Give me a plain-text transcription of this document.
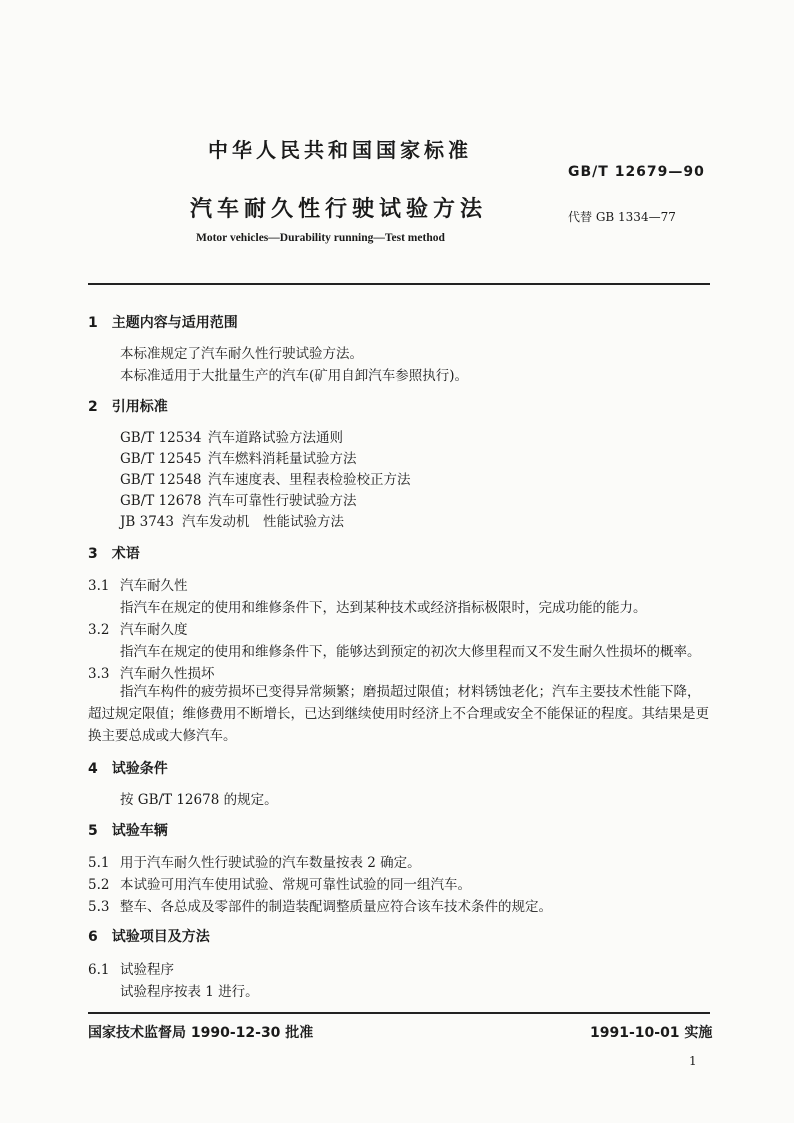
中华人民共和国国家标准
GB/T 12679—90
汽车耐久性行驶试验方法	代替 GB 1334—77
Motor vehicles—Durability running—Test method
1　主题内容与适用范围
本标准规定了汽车耐久性行驶试验方法。
本标准适用于大批量生产的汽车(矿用自卸汽车参照执行)。
2　引用标准
GB/T 12534 汽车道路试验方法通则
GB/T 12545 汽车燃料消耗量试验方法
GB/T 12548 汽车速度表、里程表检验校正方法
GB/T 12678 汽车可靠性行驶试验方法
JB 3743 汽车发动机　性能试验方法
3　术语
3.1 汽车耐久性
指汽车在规定的使用和维修条件下，达到某种技术或经济指标极限时，完成功能的能力。
3.2 汽车耐久度
指汽车在规定的使用和维修条件下，能够达到预定的初次大修里程而又不发生耐久性损坏的概率。
3.3 汽车耐久性损坏
指汽车构件的疲劳损坏已变得异常频繁；磨损超过限值；材料锈蚀老化；汽车主要技术性能下降，超过规定限值；维修费用不断增长，已达到继续使用时经济上不合理或安全不能保证的程度。其结果是更换主要总成或大修汽车。
4　试验条件
按 GB/T 12678 的规定。
5　试验车辆
5.1 用于汽车耐久性行驶试验的汽车数量按表 2 确定。
5.2 本试验可用汽车使用试验、常规可靠性试验的同一组汽车。
5.3 整车、各总成及零部件的制造装配调整质量应符合该车技术条件的规定。
6　试验项目及方法
6.1 试验程序
试验程序按表 1 进行。
国家技术监督局 1990-12-30 批准	1991-10-01 实施
1
